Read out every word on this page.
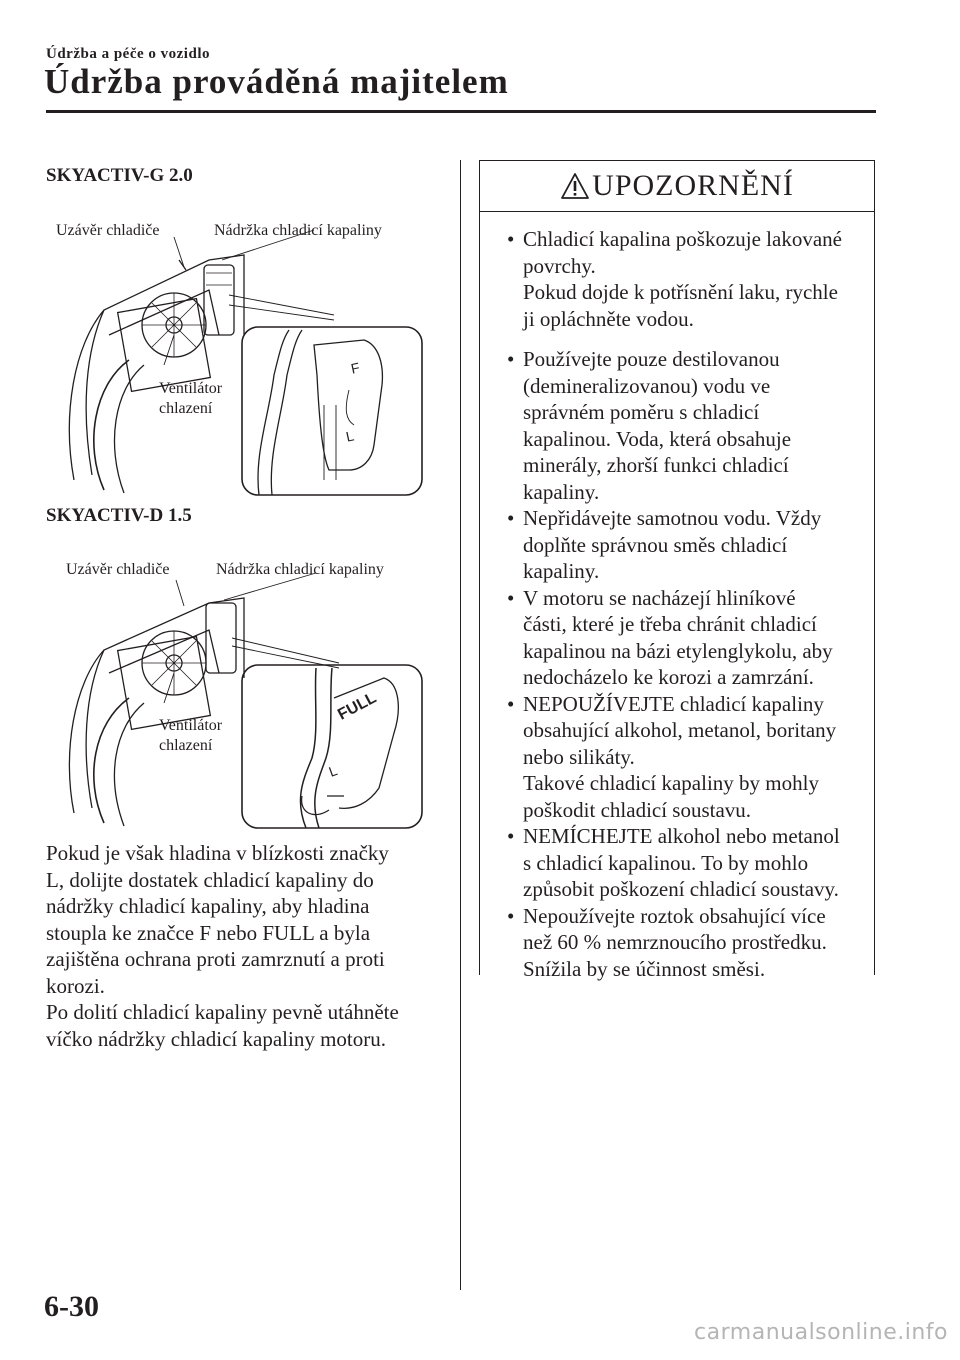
Údržba a péče o vozidlo
Údržba prováděná majitelem
SKYACTIV-G 2.0
F
L
Uzávěr chladiče	Nádržka chladicí kapaliny
Ventilátor
chlazení
SKYACTIV-D 1.5
FULL
L
Uzávěr chladiče	Nádržka chladicí kapaliny
Ventilátor
chlazení

Pokud je však hladina v blízkosti značky
L, dolijte dostatek chladicí kapaliny do
nádržky chladicí kapaliny, aby hladina
stoupla ke značce F nebo FULL a byla
zajištěna ochrana proti zamrznutí a proti
korozi.

Po dolití chladicí kapaliny pevně utáhněte
víčko nádržky chladicí kapaliny motoru.

UPOZORNĚNÍ
• Chladicí kapalina poškozuje lakované
povrchy.

Pokud dojde k potřísnění laku, rychle
ji opláchněte vodou.

• Používejte pouze destilovanou
(demineralizovanou) vodu ve
správném poměru s chladicí
kapalinou. Voda, která obsahuje
minerály, zhorší funkci chladicí
kapaliny.

• Nepřidávejte samotnou vodu. Vždy
doplňte správnou směs chladicí
kapaliny.

• V motoru se nacházejí hliníkové
části, které je třeba chránit chladicí
kapalinou na bázi etylenglykolu, aby
nedocházelo ke korozi a zamrzání.

• NEPOUŽÍVEJTE chladicí kapaliny
obsahující alkohol, metanol, boritany
nebo silikáty.

Takové chladicí kapaliny by mohly
poškodit chladicí soustavu.

• NEMÍCHEJTE alkohol nebo metanol
s chladicí kapalinou. To by mohlo
způsobit poškození chladicí soustavy.

• Nepoužívejte roztok obsahující více
než 60 % nemrznoucího prostředku.
Snížila by se účinnost směsi.

6-30
carmanualsonline.info
